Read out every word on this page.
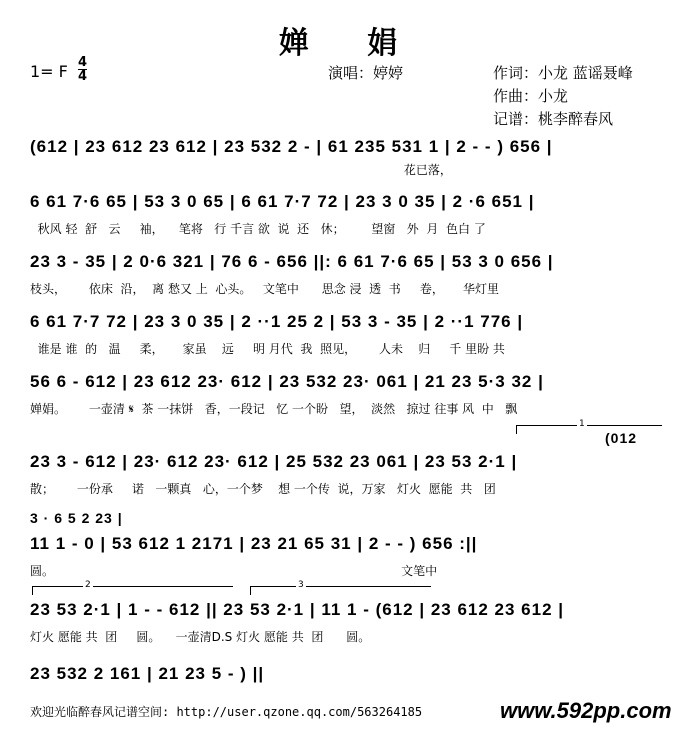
婵 娟
1= F 4
4	演唱：婷婷	作词：小龙 蓝谣聂峰
作曲：小龙
记谱：桃李醉春风
(612 | 23 612 23 612 | 23 532 2 - | 61 235 531 1 | 2 - - ) 656 |
花已落，
6 61 7·6 65 | 53 3 0 65 | 6 61 7·7 72 | 23 3 0 35 | 2 ·6 651 |
秋风 轻  舒   云     袖，    笔将   行 千言 欲  说  还   休；       望窗   外  月  色白 了
23 3 - 35 | 2 0·6 321 | 76 6 - 656 ||: 6 61 7·6 65 | 53 3 0 656 |
枝头，      依床  沿，  离 愁又 上  心头。   文笔中      思念 浸  透  书     卷，     华灯里
6 61 7·7 72 | 23 3 0 35 | 2 ··1 25 2 | 53 3 - 35 | 2 ··1 776 |
谁是 谁  的   温     柔，     家虽    远     明 月代  我  照见，      人未    归     千 里盼 共
56 6 - 612 | 23 612 23· 612 | 23 532 23· 061 | 21 23 5·3 32 |
婵娟。      一壶清 𝄋  茶 一抹饼   香，一段记   忆 一个盼   望，  淡然   掠过 往事 风  中   飘
1
(012
23 3 - 612 | 23· 612 23· 612 | 25 532 23 061 | 23 53 2·1 |
散；      一份承     诺   一颗真   心，一个梦    想 一个传  说，万家   灯火  愿能  共   团
3 · 6 5 2 23 |
11 1 - 0 | 53 612 1 2171 | 23 21 65 31 | 2 - - ) 656 :||
圆。                                                                                           文笔中
2	3
23 53 2·1 | 1 - - 612 || 23 53 2·1 | 11 1 - (612 | 23 612 23 612 |
灯火 愿能 共  团     圆。    一壶清D.S 灯火 愿能 共  团      圆。
23 532 2 161 | 21 23 5 - ) ||
欢迎光临醉春风记谱空间: http://user.qzone.qq.com/563264185	www.592pp.com
